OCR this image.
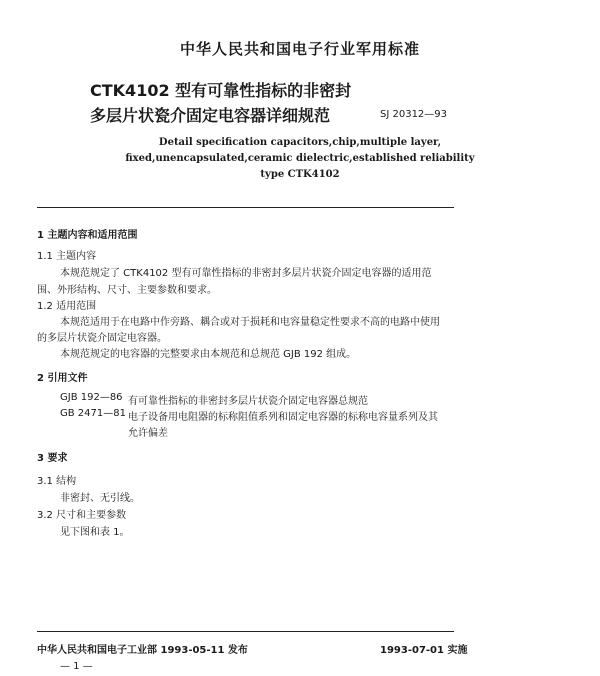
中华人民共和国电子行业军用标准
CTK4102 型有可靠性指标的非密封
多层片状瓷介固定电容器详细规范	SJ 20312—93
Detail specification capacitors,chip,multiple layer,
fixed,unencapsulated,ceramic dielectric,established reliability
type CTK4102
1 主题内容和适用范围
1.1 主题内容
本规范规定了 CTK4102 型有可靠性指标的非密封多层片状瓷介固定电容器的适用范
围、外形结构、尺寸、主要参数和要求。
1.2 适用范围
本规范适用于在电路中作旁路、耦合或对于损耗和电容量稳定性要求不高的电路中使用
的多层片状瓷介固定电容器。
本规范规定的电容器的完整要求由本规范和总规范 GJB 192 组成。
2 引用文件
GJB 192—86 有可靠性指标的非密封多层片状瓷介固定电容器总规范
GB 2471—81 电子设备用电阻器的标称阻值系列和固定电容器的标称电容量系列及其
允许偏差
3 要求
3.1 结构
非密封、无引线。
3.2 尺寸和主要参数
见下图和表 1。
中华人民共和国电子工业部 1993-05-11 发布	1993-07-01 实施
— 1 —
